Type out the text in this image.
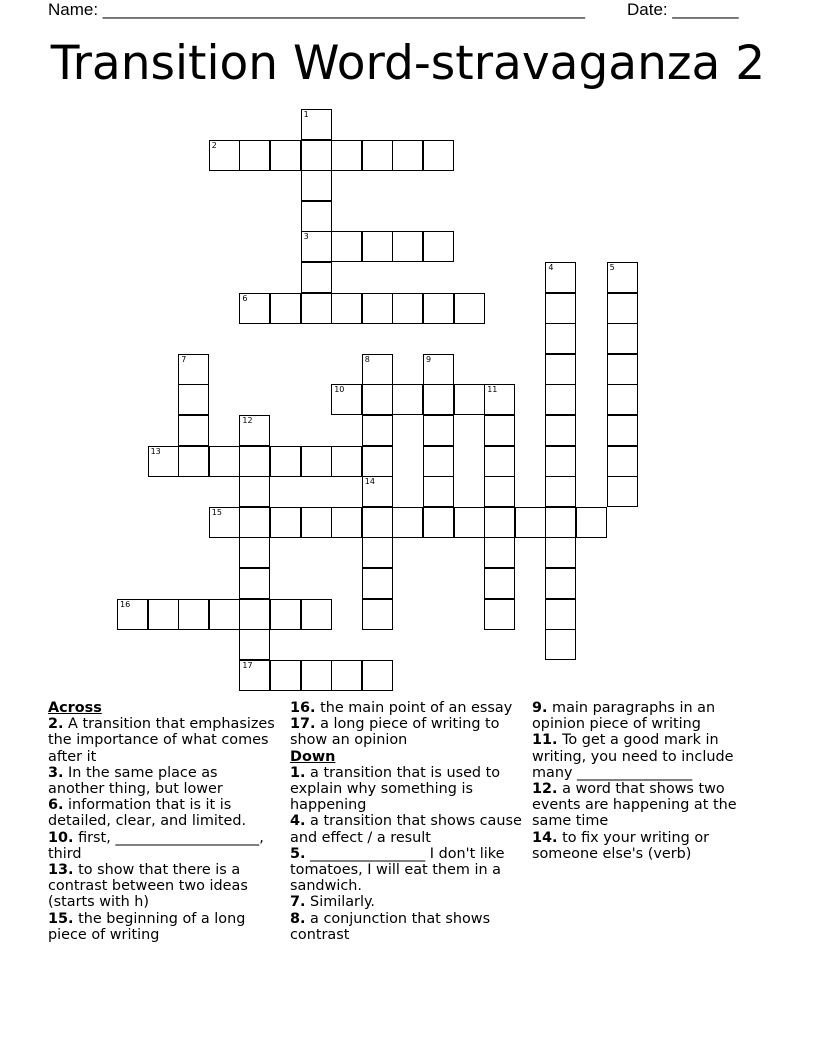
Name: ___________________________________________________ Date: _______
Transition Word-stravaganza 2
1
3
2
4	5
6
7	8	9
10	11
12
17
13
14
15
16
Across
2. A transition that emphasizes the importance of what comes after it
3. In the same place as another thing, but lower
6. information that is it is detailed, clear, and limited.
10. first, ____________________, third
13. to show that there is a contrast between two ideas (starts with h)
15. the beginning of a long piece of writing
16. the main point of an essay
17. a long piece of writing to show an opinion
Down
1. a transition that is used to explain why something is happening
4. a transition that shows cause and effect / a result
5. ________________ I don't like tomatoes, I will eat them in a sandwich.
7. Similarly.
8. a conjunction that shows contrast
9. main paragraphs in an opinion piece of writing
11. To get a good mark in writing, you need to include many ________________
12. a word that shows two events are happening at the same time
14. to fix your writing or someone else's (verb)
